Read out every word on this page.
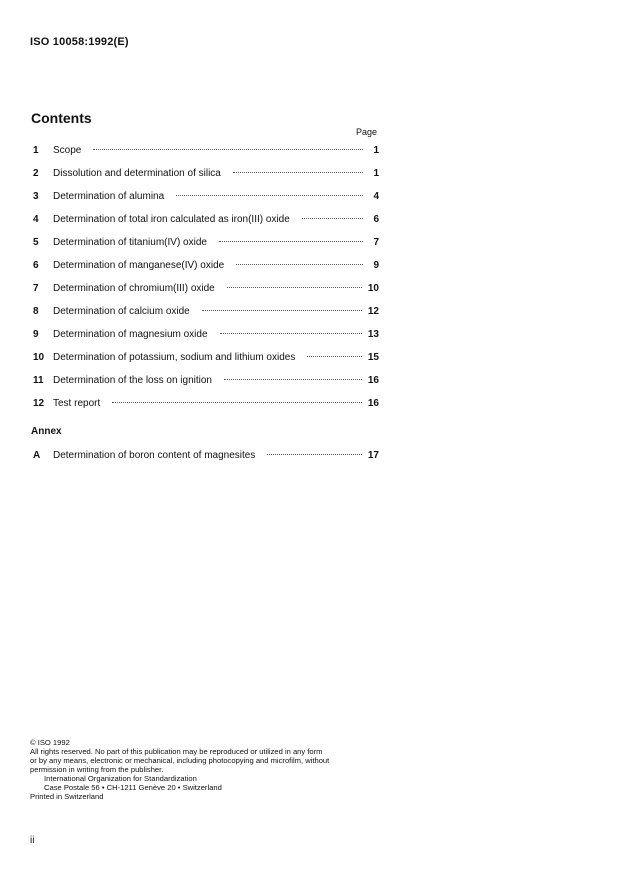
ISO 10058:1992(E)
Contents
Page
1	Scope	1
2	Dissolution and determination of silica	1
3	Determination of alumina	4
4	Determination of total iron calculated as iron(III) oxide	6
5	Determination of titanium(IV) oxide	7
6	Determination of manganese(IV) oxide	9
7	Determination of chromium(III) oxide	10
8	Determination of calcium oxide	12
9	Determination of magnesium oxide	13
10 Determination of potassium, sodium and lithium oxides	15
11 Determination of the loss on ignition	16
12 Test report	16
Annex
A	Determination of boron content of magnesites	17
© ISO 1992
All rights reserved. No part of this publication may be reproduced or utilized in any form
or by any means, electronic or mechanical, including photocopying and microfilm, without
permission in writing from the publisher.
International Organization for Standardization
Case Postale 56 • CH-1211 Genève 20 • Switzerland
Printed in Switzerland
ii
